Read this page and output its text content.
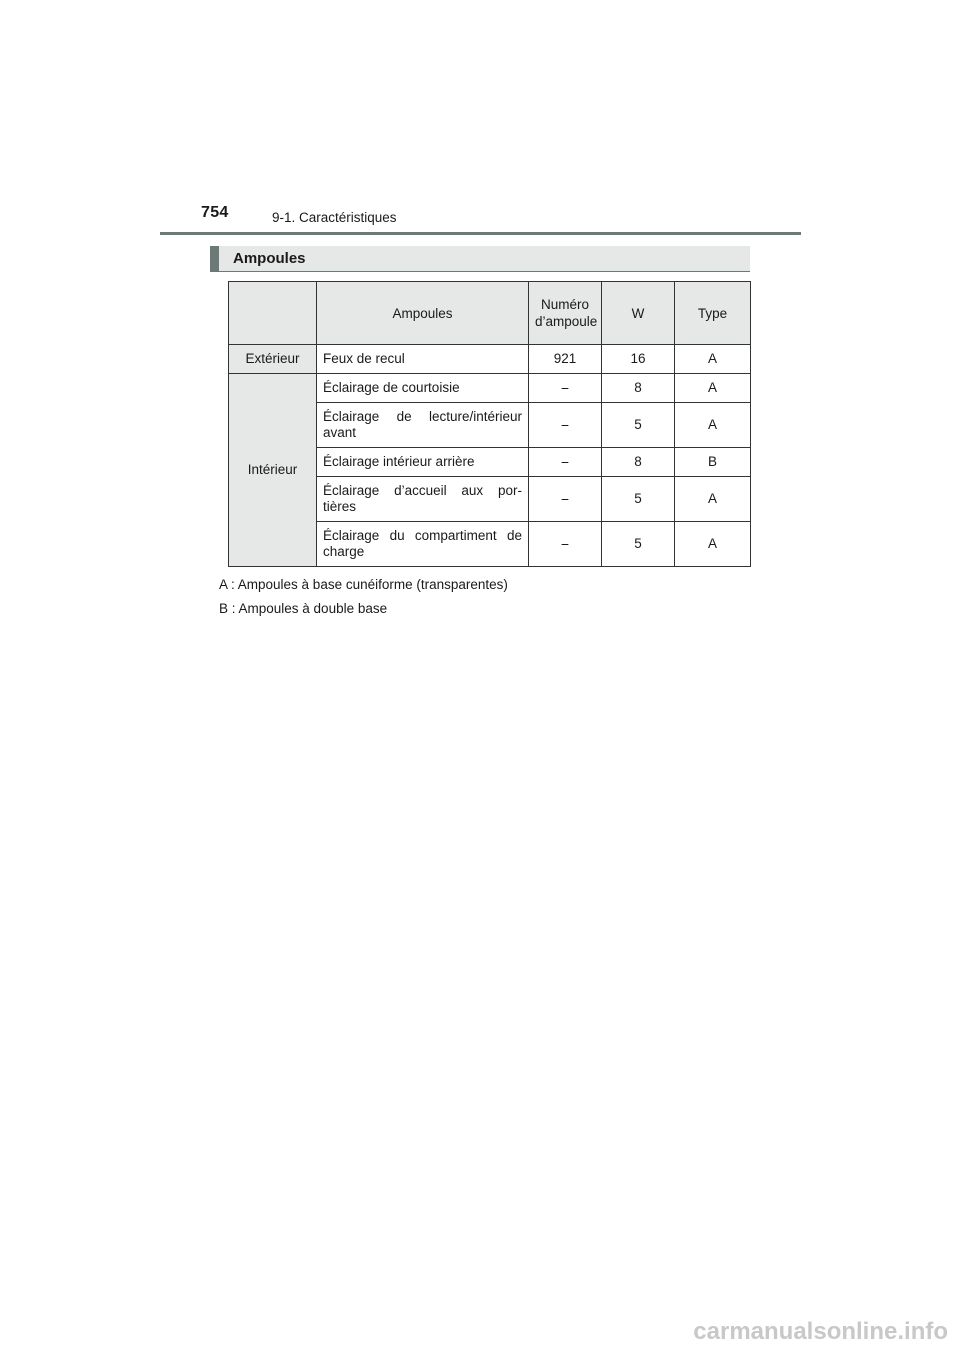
754	9-1. Caractéristiques
Ampoules
	Ampoules	Numéro d’ampoule	W	Type
Extérieur	Feux de recul	921	16	A
Intérieur	Éclairage de courtoisie	⎯	8	A
	Éclairage de lecture/intérieur avant	⎯	5	A
	Éclairage intérieur arrière	⎯	8	B
	Éclairage d’accueil aux por- tières	⎯	5	A
	Éclairage du compartiment de charge	⎯	5	A

A : Ampoules à base cunéiforme (transparentes)

B : Ampoules à double base

carmanualsonline.info
